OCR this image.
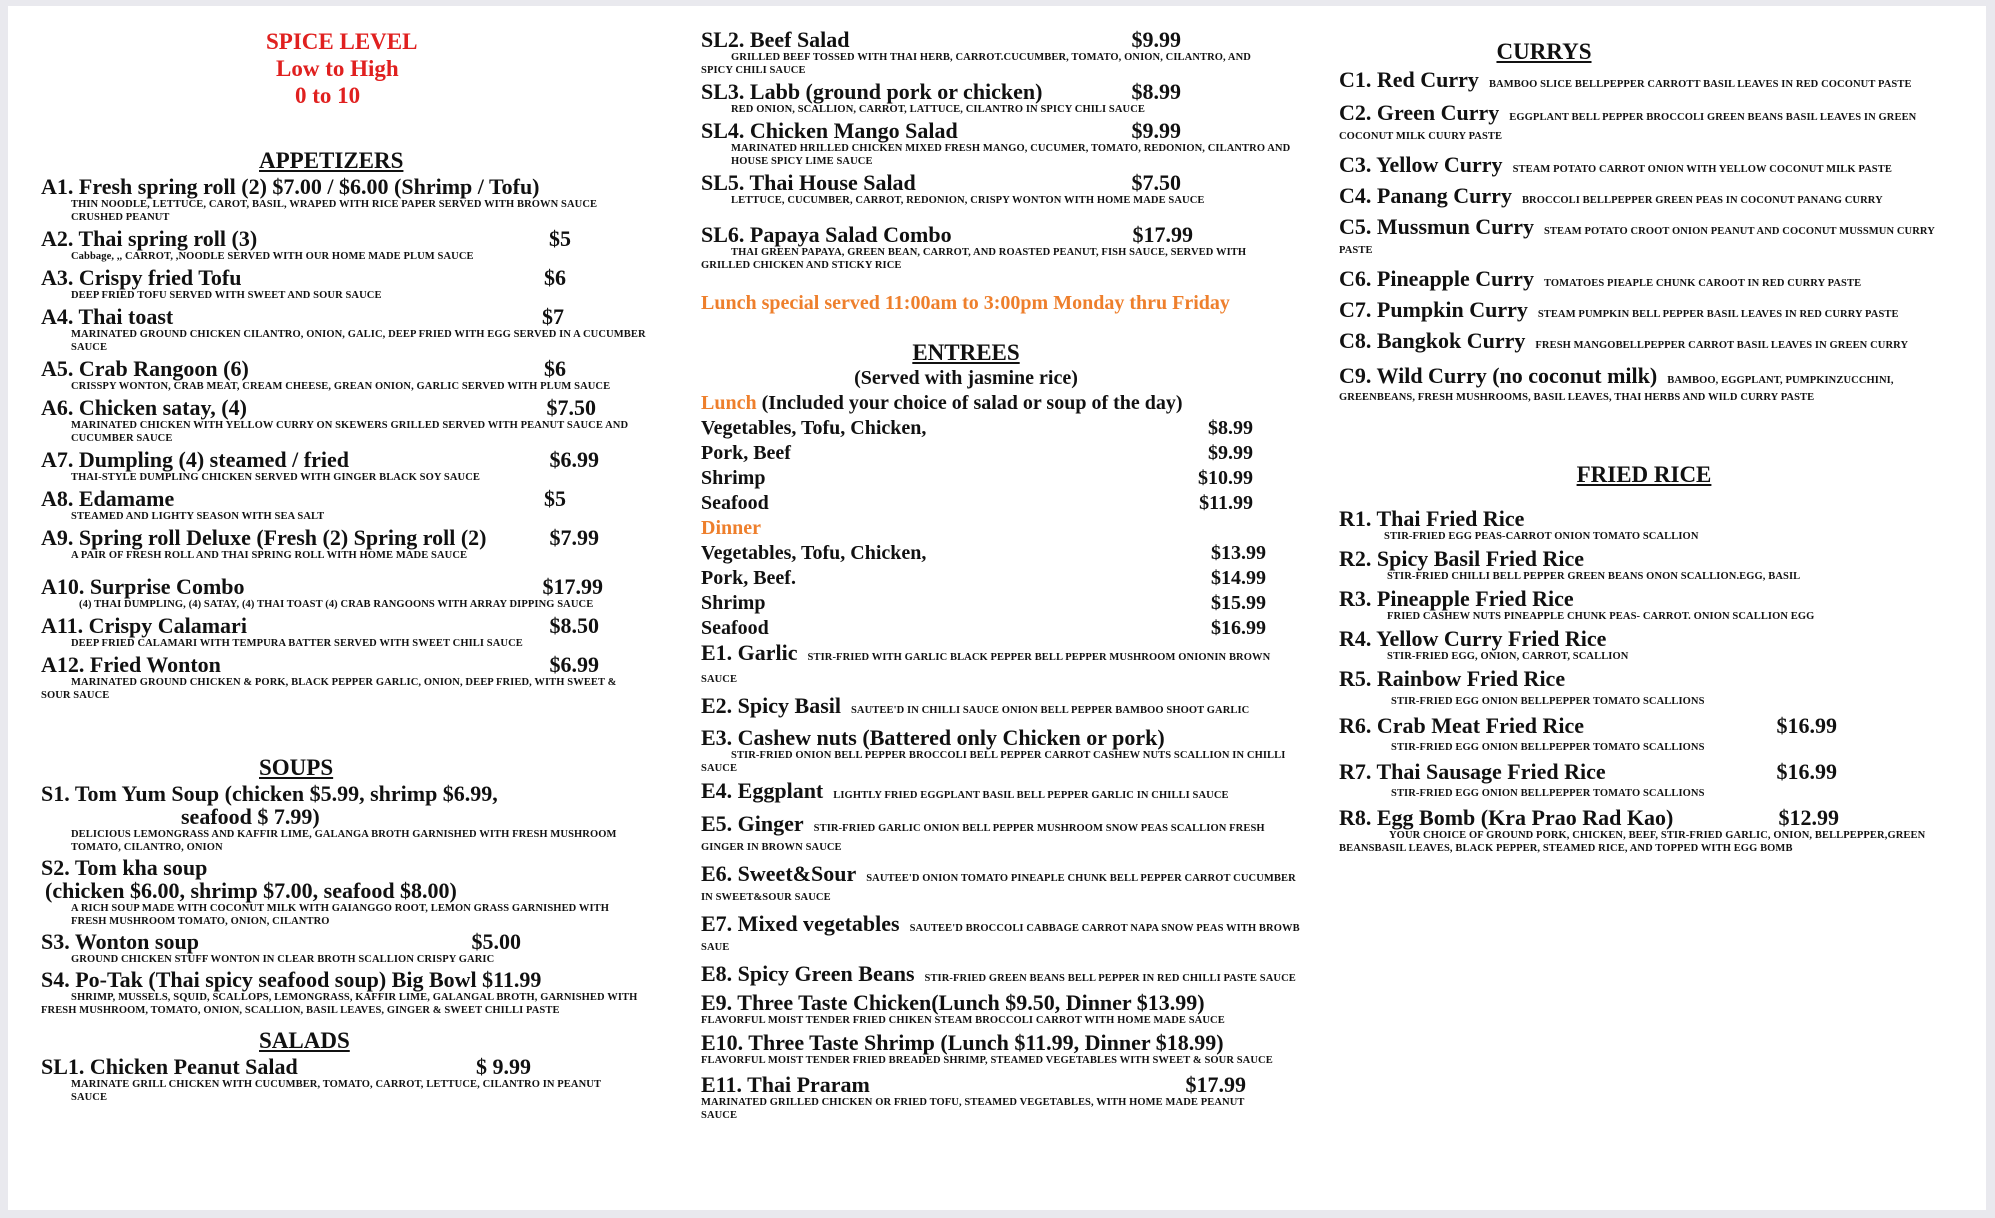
SPICE LEVEL
Low to High
0 to 10
APPETIZERS
A1. Fresh spring roll (2) $7.00 / $6.00 (Shrimp / Tofu)
THIN NOODLE, LETTUCE, CAROT, BASIL, WRAPED WITH RICE PAPER SERVED WITH BROWN SAUCE CRUSHED PEANUT
A2. Thai spring roll (3)	$5
Cabbage, ,, CARROT, ,NOODLE SERVED WITH OUR HOME MADE PLUM SAUCE
A3. Crispy fried Tofu	$6
DEEP FRIED TOFU SERVED WITH SWEET AND SOUR SAUCE
A4. Thai toast	$7
MARINATED GROUND CHICKEN CILANTRO, ONION, GALIC, DEEP FRIED WITH EGG SERVED IN A CUCUMBER SAUCE
A5. Crab Rangoon (6)	$6
CRISSPY WONTON, CRAB MEAT, CREAM CHEESE, GREAN ONION, GARLIC SERVED WITH PLUM SAUCE
A6. Chicken satay, (4)	$7.50
MARINATED CHICKEN WITH YELLOW CURRY ON SKEWERS GRILLED SERVED WITH PEANUT SAUCE AND CUCUMBER SAUCE
A7. Dumpling (4) steamed / fried	$6.99
THAI-STYLE DUMPLING CHICKEN SERVED WITH GINGER BLACK SOY SAUCE
A8. Edamame	$5
STEAMED AND LIGHTY SEASON WITH SEA SALT
A9. Spring roll Deluxe (Fresh (2) Spring roll (2)	$7.99
A PAIR OF FRESH ROLL AND THAI SPRING ROLL WITH HOME MADE SAUCE
A10. Surprise Combo	$17.99
(4) THAI DUMPLING, (4) SATAY, (4) THAI TOAST (4) CRAB RANGOONS WITH ARRAY DIPPING SAUCE
A11. Crispy Calamari	$8.50
DEEP FRIED CALAMARI WITH TEMPURA BATTER SERVED WITH SWEET CHILI SAUCE
A12. Fried Wonton	$6.99
MARINATED GROUND CHICKEN & PORK, BLACK PEPPER GARLIC, ONION, DEEP FRIED, WITH SWEET & SOUR SAUCE
SOUPS
S1. Tom Yum Soup (chicken $5.99, shrimp $6.99,
seafood $ 7.99)
DELICIOUS LEMONGRASS AND KAFFIR LIME, GALANGA BROTH GARNISHED WITH FRESH MUSHROOM TOMATO, CILANTRO, ONION
S2. Tom kha soup
(chicken $6.00, shrimp $7.00, seafood $8.00)
A RICH SOUP MADE WITH COCONUT MILK WITH GAIANGGO ROOT, LEMON GRASS GARNISHED WITH FRESH MUSHROOM TOMATO, ONION, CILANTRO
S3. Wonton soup	$5.00
GROUND CHICKEN STUFF WONTON IN CLEAR BROTH SCALLION CRISPY GARIC
S4. Po-Tak (Thai spicy seafood soup) Big Bowl $11.99
SHRIMP, MUSSELS, SQUID, SCALLOPS, LEMONGRASS, KAFFIR LIME, GALANGAL BROTH, GARNISHED WITH FRESH MUSHROOM, TOMATO, ONION, SCALLION, BASIL LEAVES, GINGER & SWEET CHILLI PASTE
SALADS
SL1. Chicken Peanut Salad	$ 9.99
MARINATE GRILL CHICKEN WITH CUCUMBER, TOMATO, CARROT, LETTUCE, CILANTRO IN PEANUT SAUCE
SL2. Beef Salad	$9.99
GRILLED BEEF TOSSED WITH THAI HERB, CARROT.CUCUMBER, TOMATO, ONION, CILANTRO, AND SPICY CHILI SAUCE
SL3. Labb (ground pork or chicken)	$8.99
RED ONION, SCALLION, CARROT, LATTUCE, CILANTRO IN SPICY CHILI SAUCE
SL4. Chicken Mango Salad	$9.99
MARINATED HRILLED CHICKEN MIXED FRESH MANGO, CUCUMER, TOMATO, REDONION, CILANTRO AND HOUSE SPICY LIME SAUCE
SL5. Thai House Salad	$7.50
LETTUCE, CUCUMBER, CARROT, REDONION, CRISPY WONTON WITH HOME MADE SAUCE
SL6. Papaya Salad Combo	$17.99
THAI GREEN PAPAYA, GREEN BEAN, CARROT, AND ROASTED PEANUT, FISH SAUCE, SERVED WITH GRILLED CHICKEN AND STICKY RICE
Lunch special served 11:00am to 3:00pm Monday thru Friday
ENTREES
(Served with jasmine rice)
Lunch (Included your choice of salad or soup of the day)
Vegetables, Tofu, Chicken,	$8.99
Pork, Beef	$9.99
Shrimp	$10.99
Seafood	$11.99
Dinner
Vegetables, Tofu, Chicken,	$13.99
Pork, Beef.	$14.99
Shrimp	$15.99
Seafood	$16.99
E1. Garlic STIR-FRIED WITH GARLIC BLACK PEPPER BELL PEPPER MUSHROOM ONIONIN BROWN SAUCE
E2. Spicy Basil SAUTEE'D IN CHILLI SAUCE ONION BELL PEPPER BAMBOO SHOOT GARLIC
E3. Cashew nuts (Battered only Chicken or pork)
STIR-FRIED ONION BELL PEPPER BROCCOLI BELL PEPPER CARROT CASHEW NUTS SCALLION IN CHILLI SAUCE
E4. Eggplant LIGHTLY FRIED EGGPLANT BASIL BELL PEPPER GARLIC IN CHILLI SAUCE
E5. Ginger STIR-FRIED GARLIC ONION BELL PEPPER MUSHROOM SNOW PEAS SCALLION FRESH GINGER IN BROWN SAUCE
E6. Sweet&Sour SAUTEE'D ONION TOMATO PINEAPLE CHUNK BELL PEPPER CARROT CUCUMBER IN SWEET&SOUR SAUCE
E7. Mixed vegetables SAUTEE'D BROCCOLI CABBAGE CARROT NAPA SNOW PEAS WITH BROWB SAUE
E8. Spicy Green Beans STIR-FRIED GREEN BEANS BELL PEPPER IN RED CHILLI PASTE SAUCE
E9. Three Taste Chicken(Lunch $9.50, Dinner $13.99)
FLAVORFUL MOIST TENDER FRIED CHIKEN STEAM BROCCOLI CARROT WITH HOME MADE SAUCE
E10. Three Taste Shrimp (Lunch $11.99, Dinner $18.99)
FLAVORFUL MOIST TENDER FRIED BREADED SHRIMP, STEAMED VEGETABLES WITH SWEET & SOUR SAUCE
E11. Thai Praram	$17.99
MARINATED GRILLED CHICKEN OR FRIED TOFU, STEAMED VEGETABLES, WITH HOME MADE PEANUT SAUCE
CURRYS
C1. Red Curry BAMBOO SLICE BELLPEPPER CARROTT BASIL LEAVES IN RED COCONUT PASTE
C2. Green Curry EGGPLANT BELL PEPPER BROCCOLI GREEN BEANS BASIL LEAVES IN GREEN COCONUT MILK CUURY PASTE
C3. Yellow Curry STEAM POTATO CARROT ONION WITH YELLOW COCONUT MILK PASTE
C4. Panang Curry BROCCOLI BELLPEPPER GREEN PEAS IN COCONUT PANANG CURRY
C5. Mussmun Curry STEAM POTATO CROOT ONION PEANUT AND COCONUT MUSSMUN CURRY PASTE
C6. Pineapple Curry TOMATOES PIEAPLE CHUNK CAROOT IN RED CURRY PASTE
C7. Pumpkin Curry STEAM PUMPKIN BELL PEPPER BASIL LEAVES IN RED CURRY PASTE
C8. Bangkok Curry FRESH MANGOBELLPEPPER CARROT BASIL LEAVES IN GREEN CURRY
C9. Wild Curry (no coconut milk) BAMBOO, EGGPLANT, PUMPKINZUCCHINI, GREENBEANS, FRESH MUSHROOMS, BASIL LEAVES, THAI HERBS AND WILD CURRY PASTE
FRIED RICE
R1. Thai Fried Rice
STIR-FRIED EGG PEAS-CARROT ONION TOMATO SCALLION
R2. Spicy Basil Fried Rice
STIR-FRIED CHILLI BELL PEPPER GREEN BEANS ONON SCALLION.EGG, BASIL
R3. Pineapple Fried Rice
FRIED CASHEW NUTS PINEAPPLE CHUNK PEAS- CARROT. ONION SCALLION EGG
R4. Yellow Curry Fried Rice
STIR-FRIED EGG, ONION, CARROT, SCALLION
R5. Rainbow Fried Rice
STIR-FRIED EGG ONION BELLPEPPER TOMATO SCALLIONS
R6. Crab Meat Fried Rice	$16.99
STIR-FRIED EGG ONION BELLPEPPER TOMATO SCALLIONS
R7. Thai Sausage Fried Rice	$16.99
STIR-FRIED EGG ONION BELLPEPPER TOMATO SCALLIONS
R8. Egg Bomb (Kra Prao Rad Kao)	$12.99
YOUR CHOICE OF GROUND PORK, CHICKEN, BEEF, STIR-FRIED GARLIC, ONION, BELLPEPPER,GREEN BEANSBASIL LEAVES, BLACK PEPPER, STEAMED RICE, AND TOPPED WITH EGG BOMB
